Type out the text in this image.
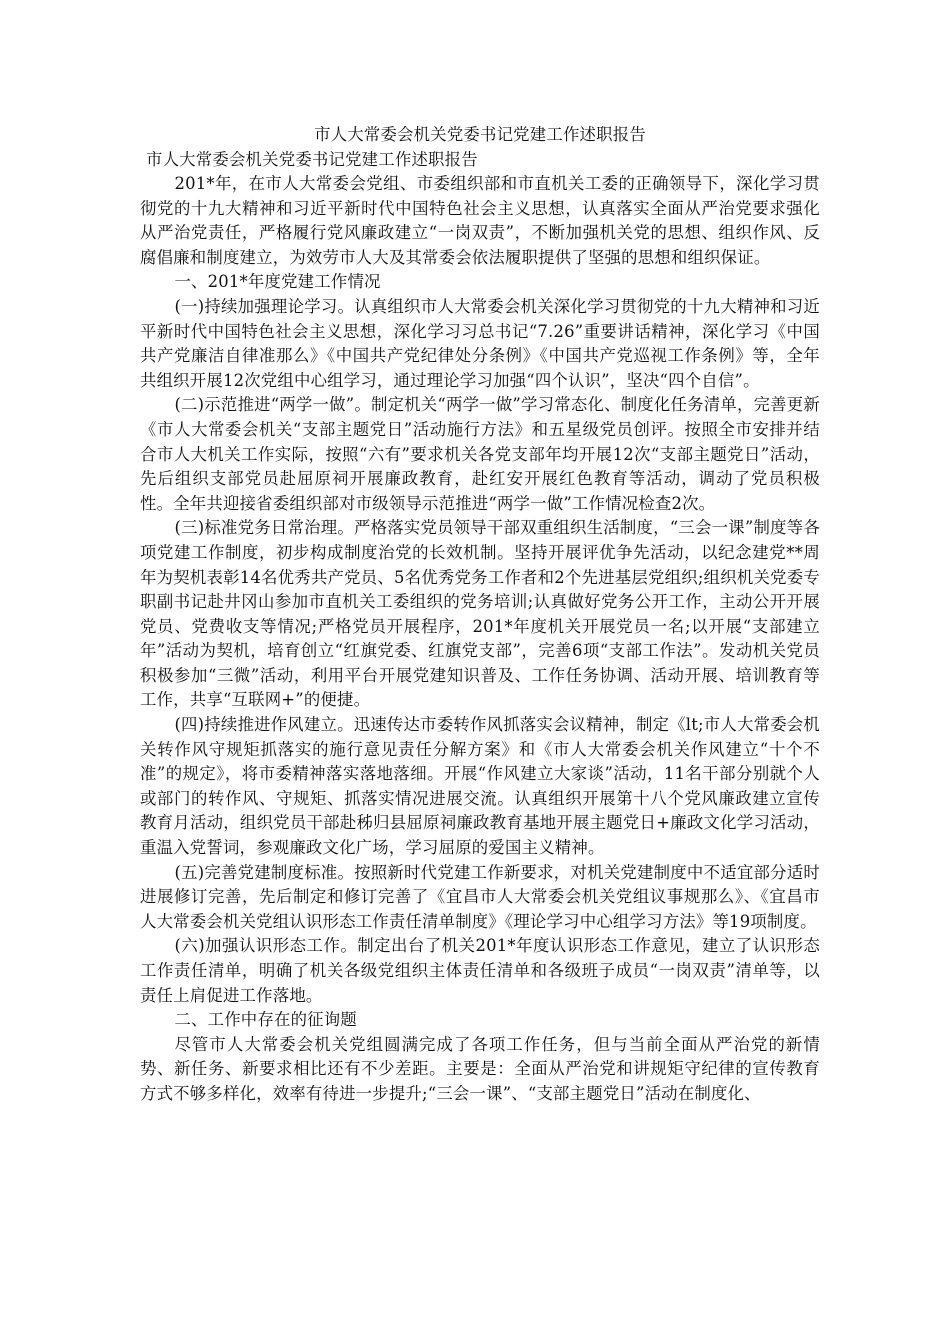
市人大常委会机关党委书记党建工作述职报告

市人大常委会机关党委书记党建工作述职报告

201*年，在市人大常委会党组、市委组织部和市直机关工委的正确领导下，深化学习贯彻党的十九大精神和习近平新时代中国特色社会主义思想，认真落实全面从严治党要求强化从严治党责任，严格履行党风廉政建立“一岗双责”，不断加强机关党的思想、组织作风、反腐倡廉和制度建立，为效劳市人大及其常委会依法履职提供了坚强的思想和组织保证。

一、201*年度党建工作情况

(一)持续加强理论学习。认真组织市人大常委会机关深化学习贯彻党的十九大精神和习近平新时代中国特色社会主义思想，深化学习习总书记“7.26”重要讲话精神，深化学习《中国共产党廉洁自律准那么》《中国共产党纪律处分条例》《中国共产党巡视工作条例》等，全年共组织开展12次党组中心组学习，通过理论学习加强“四个认识”，坚决“四个自信”。

(二)示范推进“两学一做”。制定机关“两学一做”学习常态化、制度化任务清单，完善更新《市人大常委会机关“支部主题党日”活动施行方法》和五星级党员创评。按照全市安排并结合市人大机关工作实际，按照“六有”要求机关各党支部年均开展12次“支部主题党日”活动，先后组织支部党员赴屈原祠开展廉政教育，赴红安开展红色教育等活动，调动了党员积极性。全年共迎接省委组织部对市级领导示范推进“两学一做”工作情况检查2次。

(三)标准党务日常治理。严格落实党员领导干部双重组织生活制度，“三会一课”制度等各项党建工作制度，初步构成制度治党的长效机制。坚持开展评优争先活动，以纪念建党**周年为契机表彰14名优秀共产党员、5名优秀党务工作者和2个先进基层党组织;组织机关党委专职副书记赴井冈山参加市直机关工委组织的党务培训;认真做好党务公开工作，主动公开开展党员、党费收支等情况;严格党员开展程序，201*年度机关开展党员一名;以开展“支部建立年”活动为契机，培育创立“红旗党委、红旗党支部”，完善6项“支部工作法”。发动机关党员积极参加“三微”活动，利用平台开展党建知识普及、工作任务协调、活动开展、培训教育等工作，共享“互联网+”的便捷。

(四)持续推进作风建立。迅速传达市委转作风抓落实会议精神，制定《lt;市人大常委会机关转作风守规矩抓落实的施行意见责任分解方案》和《市人大常委会机关作风建立“十个不准”的规定》，将市委精神落实落地落细。开展“作风建立大家谈”活动，11名干部分别就个人或部门的转作风、守规矩、抓落实情况进展交流。认真组织开展第十八个党风廉政建立宣传教育月活动，组织党员干部赴秭归县屈原祠廉政教育基地开展主题党日+廉政文化学习活动，重温入党誓词，参观廉政文化广场，学习屈原的爱国主义精神。

(五)完善党建制度标准。按照新时代党建工作新要求，对机关党建制度中不适宜部分适时进展修订完善，先后制定和修订完善了《宜昌市人大常委会机关党组议事规那么》、《宜昌市人大常委会机关党组认识形态工作责任清单制度》《理论学习中心组学习方法》等19项制度。

(六)加强认识形态工作。制定出台了机关201*年度认识形态工作意见，建立了认识形态工作责任清单，明确了机关各级党组织主体责任清单和各级班子成员“一岗双责”清单等，以责任上肩促进工作落地。

二、工作中存在的征询题

尽管市人大常委会机关党组圆满完成了各项工作任务，但与当前全面从严治党的新情势、新任务、新要求相比还有不少差距。主要是：全面从严治党和讲规矩守纪律的宣传教育方式不够多样化，效率有待进一步提升;“三会一课”、“支部主题党日”活动在制度化、
